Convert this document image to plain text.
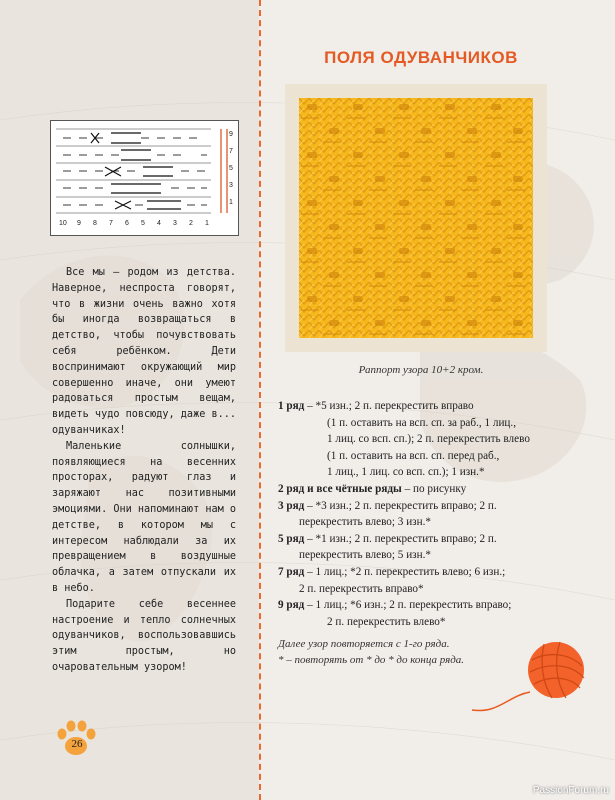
9
7
5
3
1
10 9 8 7 6 5 4 3 2 1

Все мы – родом из детства. Наверное, неспроста говорят, что в жизни очень важно хотя бы иногда возвращаться в детство, чтобы почувствовать себя ребёнком. Дети воспринимают окружающий мир совершенно иначе, они умеют радоваться простым вещам, видеть чудо повсюду, даже в... одуванчиках!

Маленькие солнышки, появляющиеся на весенних просторах, радуют глаз и заряжают нас позитивными эмоциями. Они напоминают нам о детстве, в котором мы с интересом наблюдали за их превращением в воздушные облачка, а затем отпускали их в небо.

Подарите себе весеннее настроение и тепло солнечных одуванчиков, воспользовавшись этим простым, но очаровательным узором!

26
ПОЛЯ ОДУВАНЧИКОВ
Раппорт узора 10+2 кром.
1 ряд – *5 изн.; 2 п. перекрестить вправо
(1 п. оставить на всп. сп. за раб., 1 лиц.,
1 лиц. со всп. сп.); 2 п. перекрестить влево
(1 п. оставить на всп. сп. перед раб.,
1 лиц., 1 лиц. со всп. сп.); 1 изн.*
2 ряд и все чётные ряды – по рисунку
3 ряд – *3 изн.; 2 п. перекрестить вправо; 2 п.
перекрестить влево; 3 изн.*
5 ряд – *1 изн.; 2 п. перекрестить вправо; 2 п.
перекрестить влево; 5 изн.*
7 ряд – 1 лиц.; *2 п. перекрестить влево; 6 изн.;
2 п. перекрестить вправо*
9 ряд – 1 лиц.; *6 изн.; 2 п. перекрестить вправо;
2 п. перекрестить влево*
Далее узор повторяется с 1-го ряда.
* – повторять от * до * до конца ряда.
PassionForum.ru
